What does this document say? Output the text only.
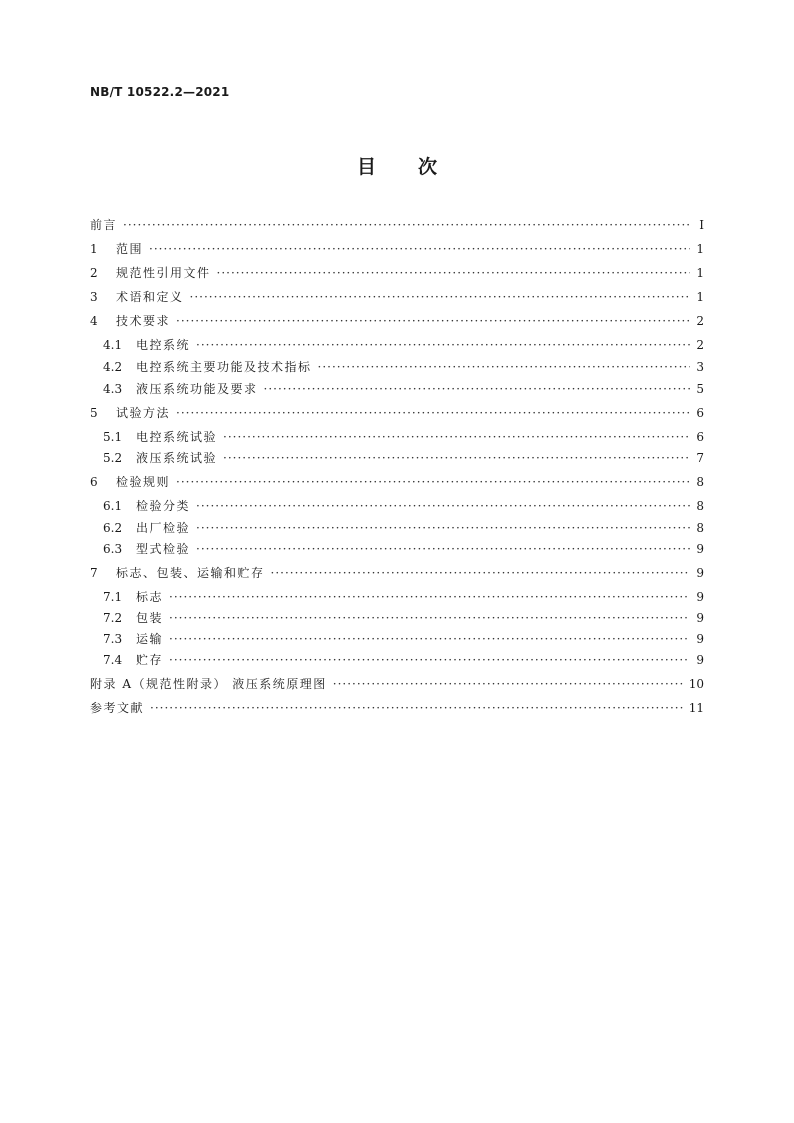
NB/T 10522.2—2021
目 次
前言 ·····	I
1	范围 ·····	1
2	规范性引用文件 ·····	1
3	术语和定义 ·····	1
4	技术要求 ·····	2
4.1	电控系统 ·····	2
4.2	电控系统主要功能及技术指标 ·····	3
4.3	液压系统功能及要求 ·····	5
5	试验方法 ·····	6
5.1	电控系统试验 ·····	6
5.2	液压系统试验 ·····	7
6	检验规则 ·····	8
6.1	检验分类 ·····	8
6.2	出厂检验 ·····	8
6.3	型式检验 ·····	9
7	标志、包装、运输和贮存 ·····	9
7.1	标志 ·····	9
7.2	包装 ·····	9
7.3	运输 ·····	9
7.4	贮存 ·····	9
附录 A（规范性附录） 液压系统原理图 ·····	10
参考文献 ·····	11
